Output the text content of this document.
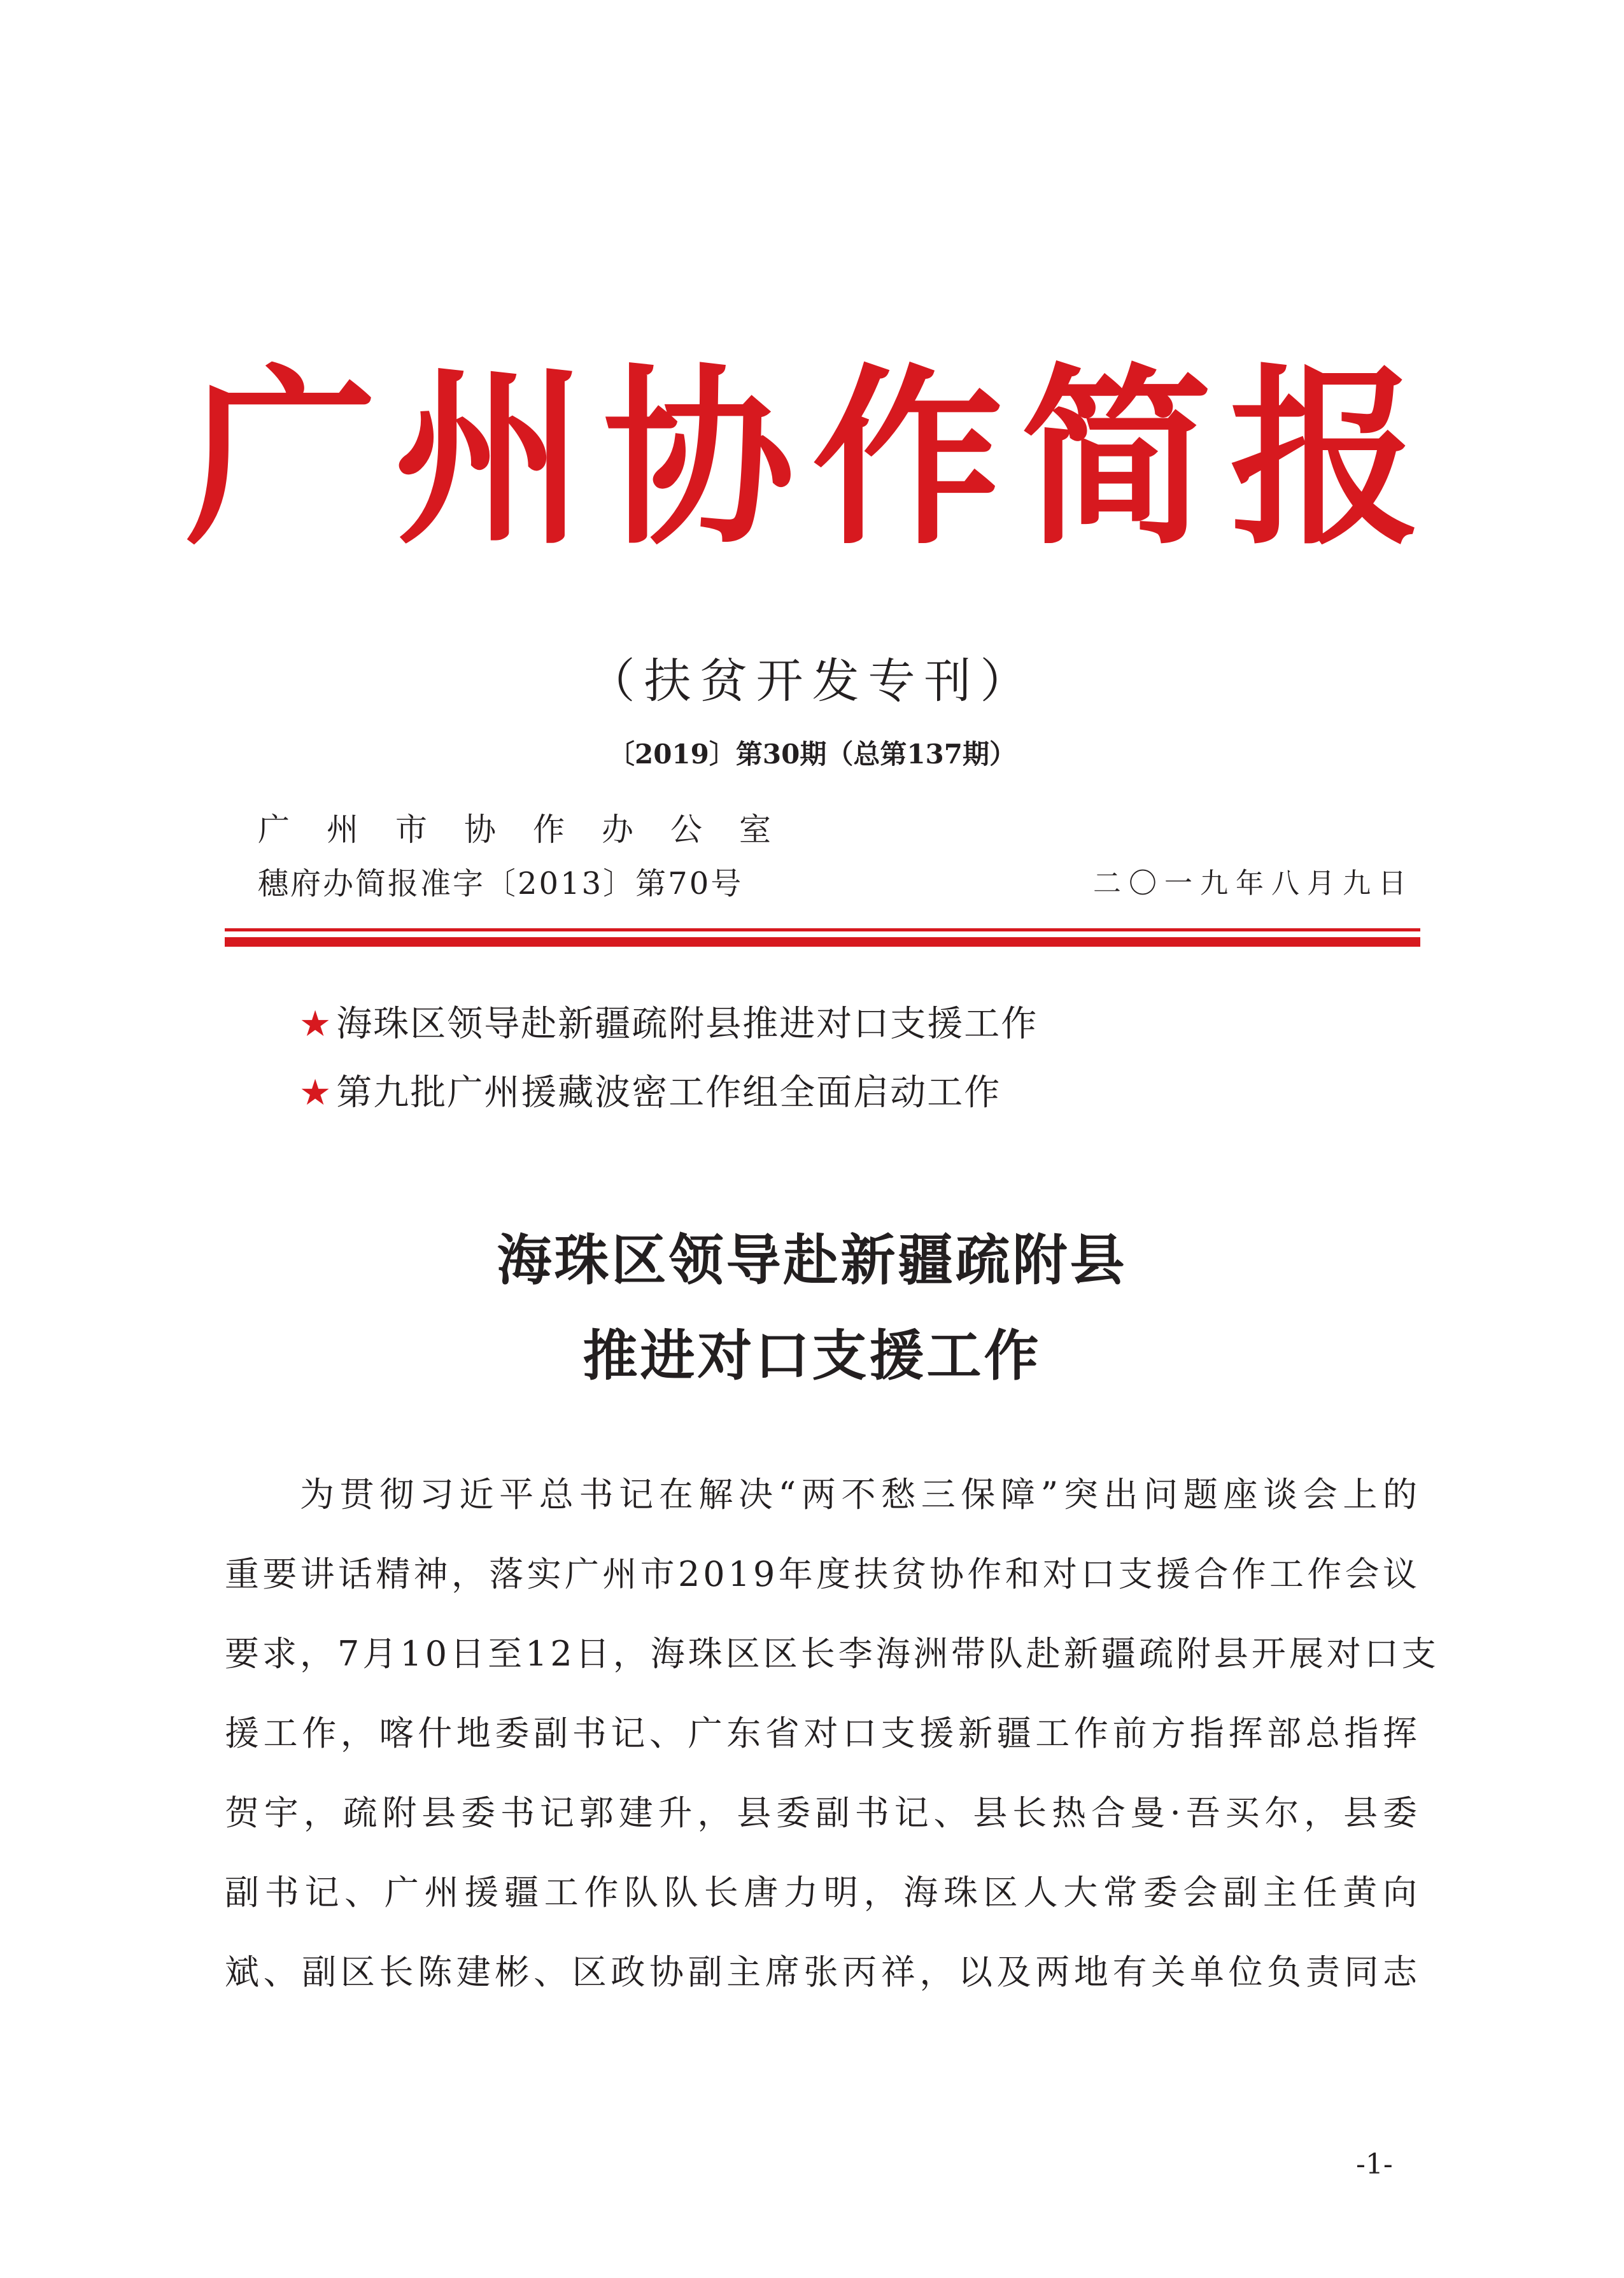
广州协作简报
（扶贫开发专刊）
〔2019〕第30期（总第137期）
广州市协作办公室
穗府办简报准字〔2013〕第70号	二〇一九年八月九日
★ 海珠区领导赴新疆疏附县推进对口支援工作
★ 第九批广州援藏波密工作组全面启动工作
海珠区领导赴新疆疏附县
推进对口支援工作
为贯彻习近平总书记在解决“两不愁三保障”突出问题座谈会上的
重要讲话精神，落实广州市2019年度扶贫协作和对口支援合作工作会议
要求，7月10日至12日，海珠区区长李海洲带队赴新疆疏附县开展对口支
援工作，喀什地委副书记、广东省对口支援新疆工作前方指挥部总指挥
贺宇，疏附县委书记郭建升，县委副书记、县长热合曼·吾买尔，县委
副书记、广州援疆工作队队长唐力明，海珠区人大常委会副主任黄向
斌、副区长陈建彬、区政协副主席张丙祥，以及两地有关单位负责同志
-1-
